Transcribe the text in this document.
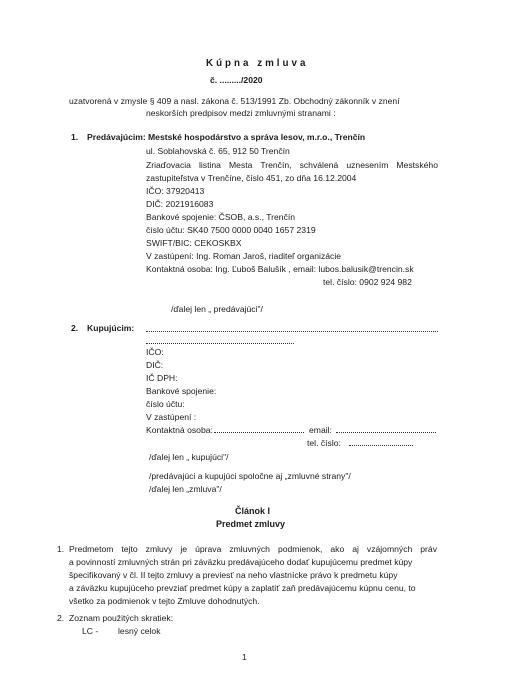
Kúpna zmluva
č. ........./2020
uzatvorená v zmysle § 409 a nasl. zákona č. 513/1991 Zb. Obchodný zákonník v znení
neskorších predpisov medzi zmluvnými stranami :
1. Predávajúcim: Mestské hospodárstvo a správa lesov, m.r.o., Trenčín
ul. Soblahovská č. 65, 912 50 Trenčín
Zriaďovacia listina Mesta Trenčín, schválená uznesením Mestského
zastupiteľstva v Trenčíne, číslo 451, zo dňa 16.12.2004
IČO: 37920413
DIČ: 2021916083
Bankové spojenie: ČSOB, a.s., Trenčín
číslo účtu: SK40 7500 0000 0040 1657 2319
SWIFT/BIC: CEKOSKBX
V zastúpení: Ing. Roman Jaroš, riaditeľ organizácie
Kontaktná osoba: Ing. Ľuboš Balušík , email: lubos.balusik@trencin.sk
tel. číslo: 0902 924 982
/ďalej len „ predávajúci"/
2. Kupujúcim:
IČO:
DIČ:
IČ DPH:
Bankové spojenie:
číslo účtu:
V zastúpení :
Kontaktná osoba:	email:
tel. číslo:
/ďalej len „ kupujúci"/
/predávajúci a kupujúci spoločne aj „zmluvné strany"/
/ďalej len „zmluva"/
Článok I
Predmet zmluvy
1. Predmetom tejto zmluvy je úprava zmluvných podmienok, ako aj vzájomných práv
a povinností zmluvných strán pri záväzku predávajúceho dodať kupujúcemu predmet kúpy
špecifikovaný v čl. II tejto zmluvy a previesť na neho vlastnícke právo k predmetu kúpy
a záväzku kupujúceho prevziať predmet kúpy a zaplatiť zaň predávajúcemu kúpnu cenu, to
všetko za podmienok v tejto Zmluve dohodnutých.
2. Zoznam použitých skratiek:
LC - lesný celok
1
